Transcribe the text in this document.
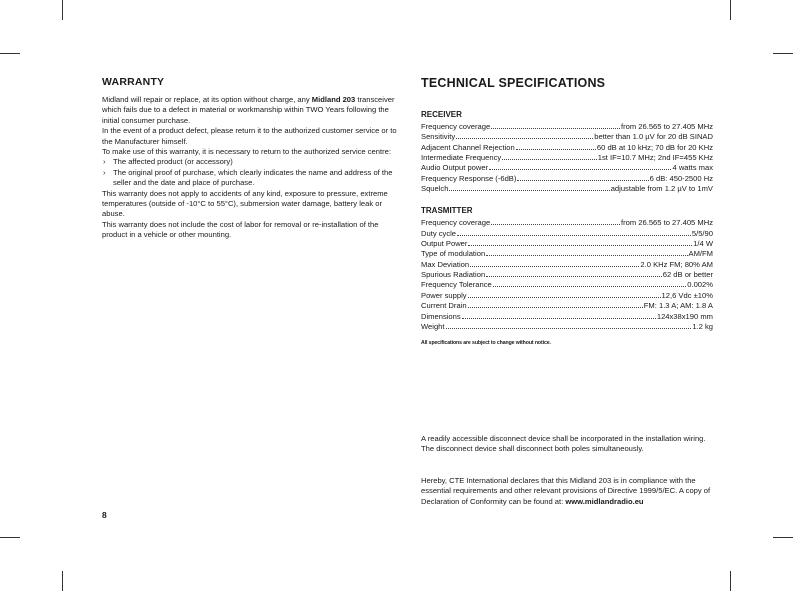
WARRANTY

Midland will repair or replace, at its option without charge, any Midland 203 transceiver which fails due to a defect in material or workmanship within TWO Years following the initial consumer purchase.

In the event of a product defect, please return it to the authorized customer service or to the Manufacturer himself.

To make use of this warranty, it is necessary to return to the authorized service centre:

› The affected product (or accessory)
› The original proof of purchase, which clearly indicates the name and address of the seller and the date and place of purchase.

This warranty does not apply to accidents of any kind, exposure to pressure, extreme temperatures (outside of -10°C to 55°C), submersion water damage, battery leak or abuse.

This warranty does not include the cost of labor for removal or re-installation of the product in a vehicle or other mounting.

TECHNICAL SPECIFICATIONS
RECEIVER
Frequency coverage	from 26.565 to 27.405 MHz
Sensitivity	better than 1.0 µV for 20 dB SINAD
Adjacent Channel Rejection	60 dB at 10 kHz; 70 dB for 20 KHz
Intermediate Frequency	1st IF=10.7 MHz; 2nd IF=455 KHz
Audio Output power	4 watts max
Frequency Response (-6dB)	6 dB: 450-2500 Hz
Squelch	adjustable from 1.2 µV to 1mV
TRASMITTER
Frequency coverage	from 26.565 to 27.405 MHz
Duty cycle	5/5/90
Output Power	1/4 W
Type of modulation	AM/FM
Max Deviation	2.0 KHz FM; 80% AM
Spurious Radiation	62 dB or better
Frequency Tolerance	0.002%
Power supply	12,6 Vdc ±10%
Current Drain	FM: 1.3 A; AM: 1.8 A
Dimensions	124x38x190 mm
Weight	1.2 kg
All specifications are subject to change without notice.

A readily accessible disconnect device shall be incorporated in the installation wiring. The disconnect device shall disconnect both poles simultaneously.

Hereby, CTE International declares that this Midland 203 is in compliance with the essential requirements and other relevant provisions of Directive 1999/5/EC. A copy of Declaration of Conformity can be found at: www.midlandradio.eu

8
